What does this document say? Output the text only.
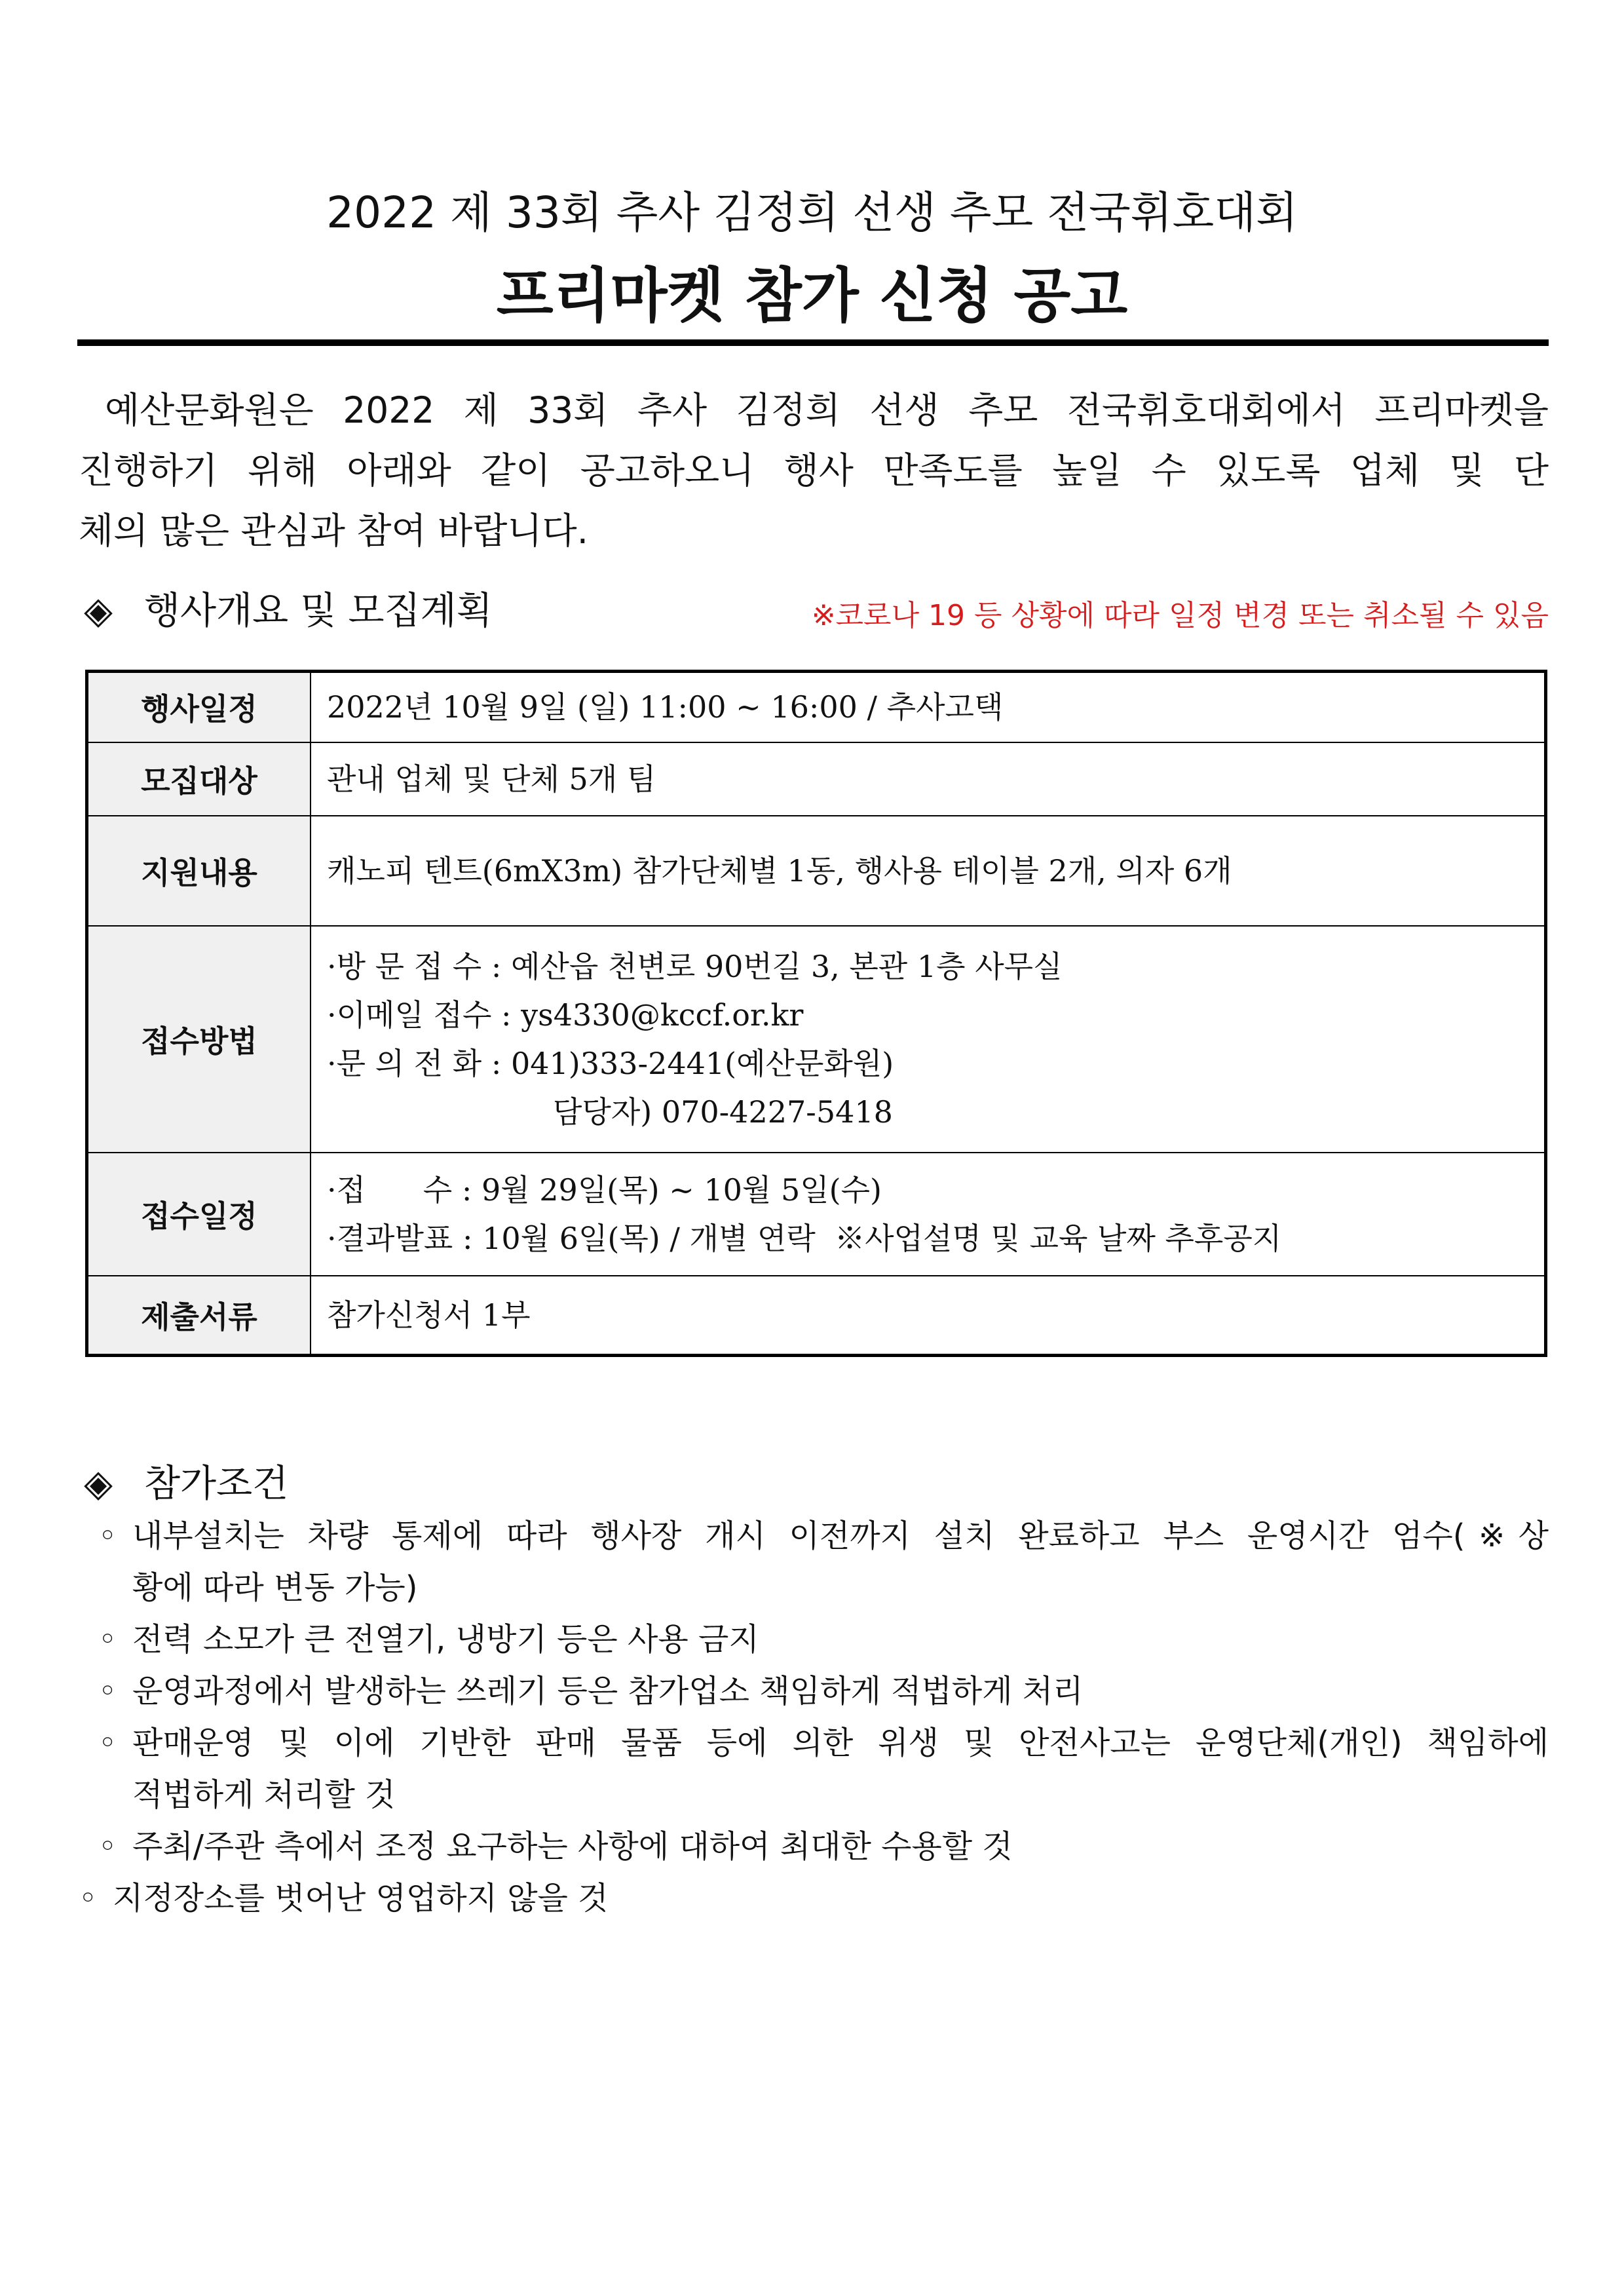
2022 제 33회 추사 김정희 선생 추모 전국휘호대회
프리마켓 참가 신청 공고
예산문화원은 2022 제 33회 추사 김정희 선생 추모 전국휘호대회에서 프리마켓을
진행하기 위해 아래와 같이 공고하오니 행사 만족도를 높일 수 있도록 업체 및 단
체의 많은 관심과 참여 바랍니다.
◈ 행사개요 및 모집계획	※코로나 19 등 상황에 따라 일정 변경 또는 취소될 수 있음
행사일정	2022년 10월 9일 (일) 11:00 ~ 16:00 / 추사고택

모집대상	관내 업체 및 단체 5개 팀

지원내용	캐노피 텐트(6mX3m) 참가단체별 1동, 행사용 테이블 2개, 의자 6개

접수방법	·방 문 접 수 : 예산읍 천변로 90번길 3, 본관 1층 사무실
·이메일 접수 : ys4330@kccf.or.kr
·문 의 전 화 : 041)333-2441(예산문화원)
담당자) 070-4227-5418

접수일정	·접      수 : 9월 29일(목) ~ 10월 5일(수)
·결과발표 : 10월 6일(목) / 개별 연락  ※사업설명 및 교육 날짜 추후공지

제출서류	참가신청서 1부
◈ 참가조건
◦ 내부설치는 차량 통제에 따라 행사장 개시 이전까지 설치 완료하고 부스 운영시간 엄수(※상
황에 따라 변동 가능)
◦ 전력 소모가 큰 전열기, 냉방기 등은 사용 금지
◦ 운영과정에서 발생하는 쓰레기 등은 참가업소 책임하게 적법하게 처리
◦ 판매운영 및 이에 기반한 판매 물품 등에 의한 위생 및 안전사고는 운영단체(개인) 책임하에
적법하게 처리할 것
◦ 주최/주관 측에서 조정 요구하는 사항에 대하여 최대한 수용할 것
◦ 지정장소를 벗어난 영업하지 않을 것
